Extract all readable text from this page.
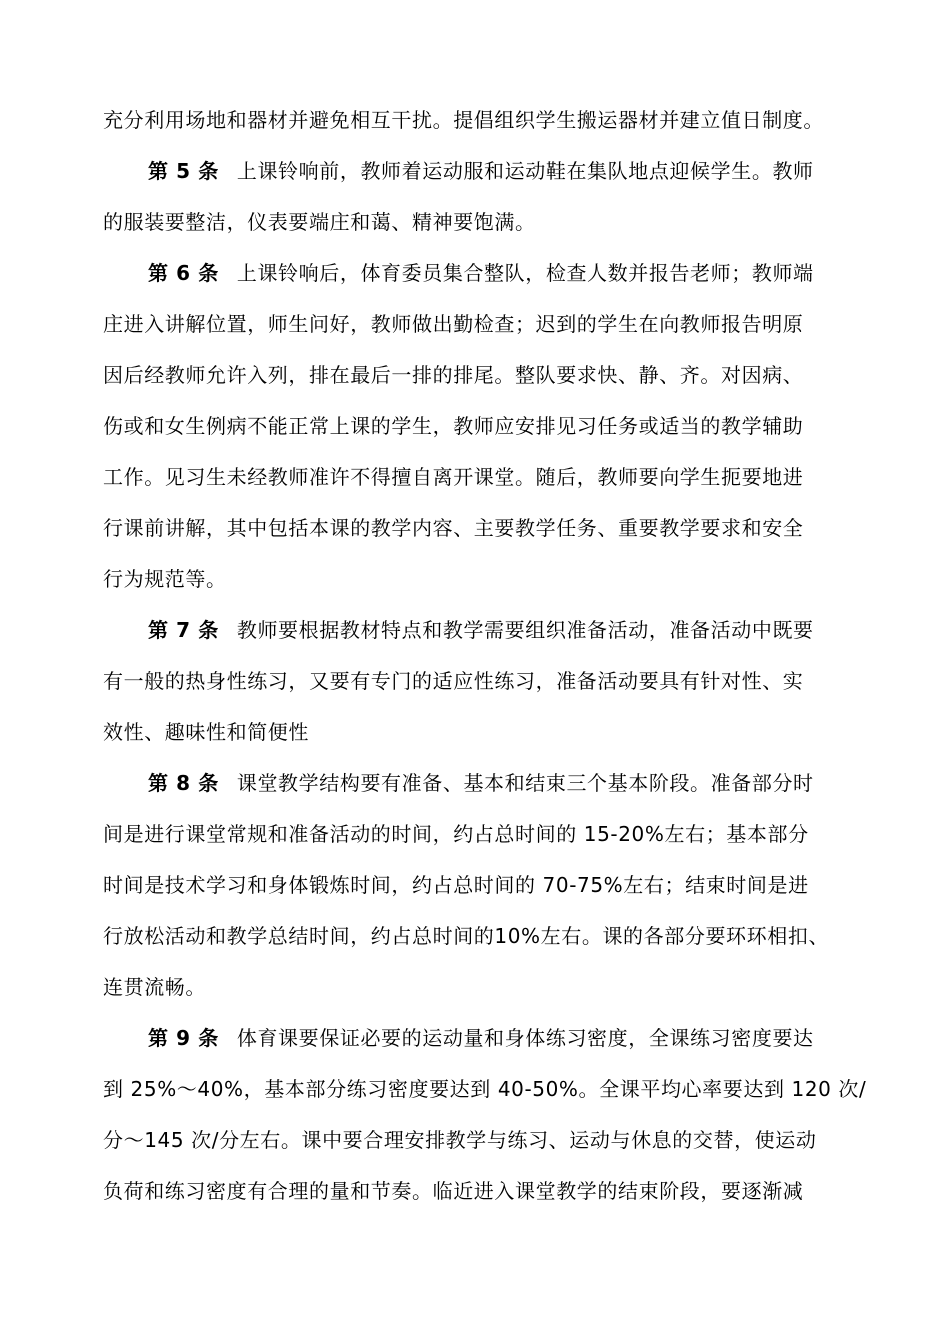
充分利用场地和器材并避免相互干扰。提倡组织学生搬运器材并建立值日制度。
第 5 条 上课铃响前，教师着运动服和运动鞋在集队地点迎候学生。教师
的服装要整洁，仪表要端庄和蔼、精神要饱满。
第 6 条 上课铃响后，体育委员集合整队，检查人数并报告老师；教师端
庄进入讲解位置，师生问好，教师做出勤检查；迟到的学生在向教师报告明原
因后经教师允许入列，排在最后一排的排尾。整队要求快、静、齐。对因病、
伤或和女生例病不能正常上课的学生，教师应安排见习任务或适当的教学辅助
工作。见习生未经教师准许不得擅自离开课堂。随后，教师要向学生扼要地进
行课前讲解，其中包括本课的教学内容、主要教学任务、重要教学要求和安全
行为规范等。
第 7 条 教师要根据教材特点和教学需要组织准备活动，准备活动中既要
有一般的热身性练习，又要有专门的适应性练习，准备活动要具有针对性、实
效性、趣味性和简便性
第 8 条 课堂教学结构要有准备、基本和结束三个基本阶段。准备部分时
间是进行课堂常规和准备活动的时间，约占总时间的 15-20%左右；基本部分
时间是技术学习和身体锻炼时间，约占总时间的 70-75%左右；结束时间是进
行放松活动和教学总结时间，约占总时间的10%左右。课的各部分要环环相扣、
连贯流畅。
第 9 条 体育课要保证必要的运动量和身体练习密度，全课练习密度要达
到 25%～40%，基本部分练习密度要达到 40-50%。全课平均心率要达到 120 次/
分～145 次/分左右。课中要合理安排教学与练习、运动与休息的交替，使运动
负荷和练习密度有合理的量和节奏。临近进入课堂教学的结束阶段，要逐渐减
